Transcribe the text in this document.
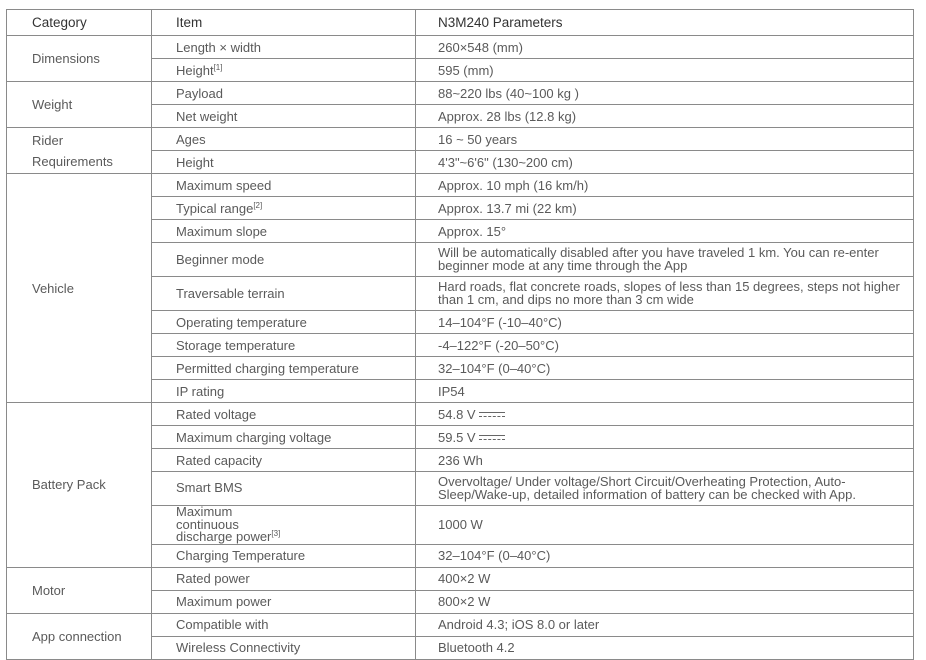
Category	Item	N3M240 Parameters
Dimensions	Length × width	260×548 (mm)
	Height[1]	595 (mm)
Weight	Payload	88~220 lbs (40~100 kg )
	Net weight	Approx. 28 lbs (12.8 kg)
Rider Requirements	Ages	16 ~ 50 years
	Height	4'3"~6'6" (130~200 cm)
Vehicle	Maximum speed	Approx. 10 mph (16 km/h)
	Typical range[2]	Approx. 13.7 mi (22 km)
	Maximum slope	Approx. 15°
	Beginner mode	Will be automatically disabled after you have traveled 1 km. You can re-enter beginner mode at any time through the App
	Traversable terrain	Hard roads, flat concrete roads, slopes of less than 15 degrees, steps not higher than 1 cm, and dips no more than 3 cm wide
	Operating temperature	14–104°F (-10–40°C)
	Storage temperature	-4–122°F (-20–50°C)
	Permitted charging temperature	32–104°F (0–40°C)
	IP rating	IP54
Battery Pack	Rated voltage	54.8 V
	Maximum charging voltage	59.5 V
	Rated capacity	236 Wh
	Smart BMS	Overvoltage/ Under voltage/Short Circuit/Overheating Protection, Auto-Sleep/Wake-up, detailed information of battery can be checked with App.
	Maximum continuous discharge power[3]	1000 W
	Charging Temperature	32–104°F (0–40°C)
Motor	Rated power	400×2 W
	Maximum power	800×2 W
App connection	Compatible with	Android 4.3; iOS 8.0 or later
	Wireless Connectivity	Bluetooth 4.2
